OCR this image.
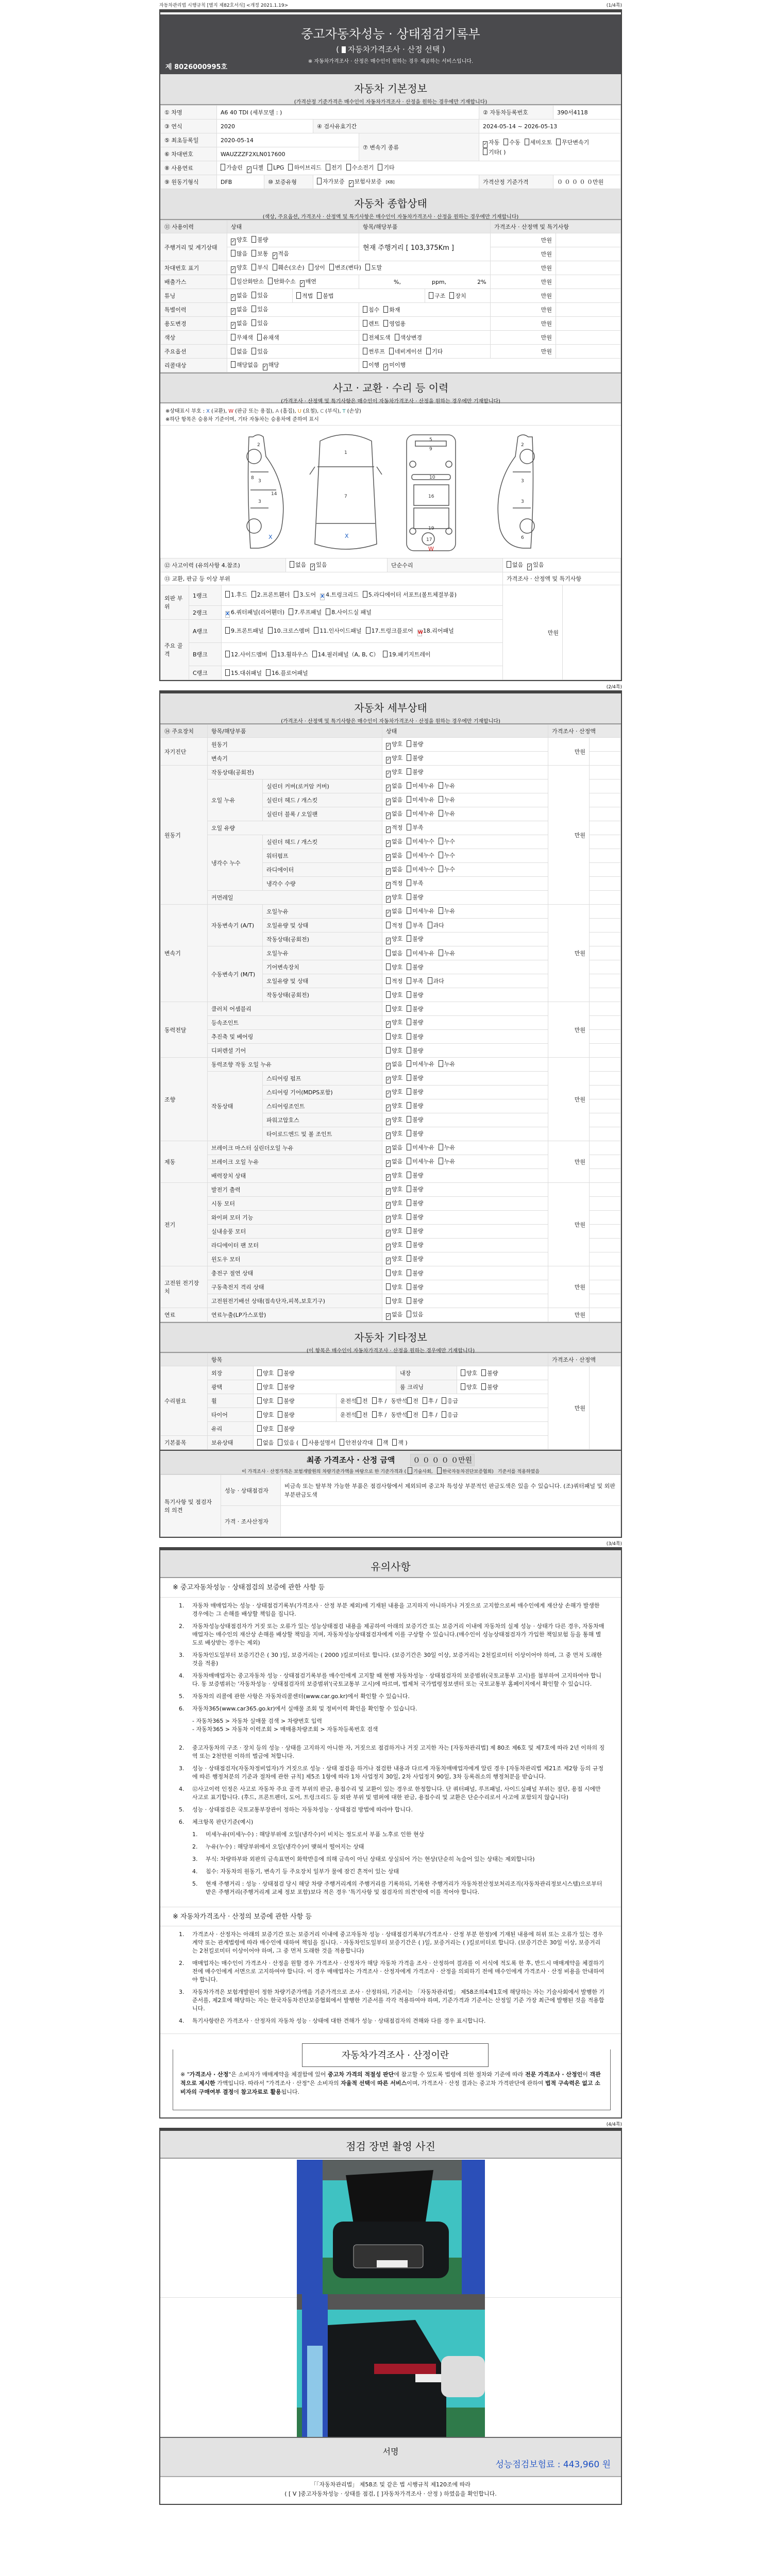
자동차관리법 시행규칙 [별지 제82호서식] <개정 2021.1.19>	(1/4쪽)
중고자동차성능 · 상태점검기록부
( 자동차가격조사 · 산정 선택 )
※ 자동차가격조사 · 산정은 매수인이 원하는 경우 제공하는 서비스입니다.
제 8026000995호
자동차 기본정보
(가격산정 기준가격은 매수인이 자동차가격조사 · 산정을 원하는 경우에만 기재합니다)
① 차명	A6 40 TDI (세부모델 : )				② 자동차등록번호	390서4118
③ 연식	2020		④ 검사유효기간		2024-05-14 ~ 2026-05-13	
⑤ 최초등록일	2020-05-14			⑦ 변속기 종류	✓ 자동 수동 세미오토 무단변속기기타( )	
⑥ 차대번호	WAUZZZF2XLN017600					
⑧ 사용연료	가솔린 ✓ 디젤 LPG 하이브리드 전기 수소전기 기타					
⑨ 원동기형식	DFB	⑩ 보증유형	자가보증 ✓ 보험사보증 [KB]		가격산정 기준가격	０ ０ ０ ０ ０만원
자동차 종합상태
(색상, 주요옵션, 가격조사 · 산정액 및 특기사항은 매수인이 자동차가격조사 · 산정을 원하는 경우에만 기재합니다)
⑪ 사용이력	상태		항목/해당부품		가격조사 · 산정액 및 특기사항	
주행거리 및 계기상태	✓ 양호 불량		현재 주행거리 [ 103,375Km ]		만원	
	많음 보통 ✓ 적음				만원	
차대번호 표기	✓ 양호 부식 훼손(오손) 상이 변조(변타) 도말				만원	
배출가스	일산화탄소 탄화수소 ✓ 매연		%, ppm, 2%		만원	
튜닝	✓ 없음 있음	적법 불법		구조 장치	만원	
특별이력	✓ 없음 있음		침수 화재		만원	
용도변경	✓ 없음 있음		렌트 영업용		만원	
색상	무채색 유채색		전체도색 색상변경		만원	
주요옵션	없음 있음		썬루프 네비게이션 기타		만원	
리콜대상	해당없음 ✓ 해당		이행 ✓ 미이행			
사고 · 교환 · 수리 등 이력
(가격조사 · 산정액 및 특기사항은 매수인이 자동차가격조사 · 산정을 원하는 경우에만 기재합니다)
※상태표시 부호 : X (교환), W (판금 또는 용접), A (흠집), U (요철), C (부식), T (손상)
※하단 항목은 승용차 기준이며, 기타 자동차는 승용차에 준하여 표시
2
3
3
8
14
X
1
7
X
5
9
10
16
17
19
W
2
3
3
6
⑫ 사고이력 (유의사항 4.참조)			없음 ✓ 있음	단순수리	없음 ✓ 있음	
⑬ 교환, 판금 등 이상 부위					가격조사 · 산정액 및 특기사항	
외판 부위	1랭크	1.후드 2.프론트휀더 3.도어 X 4.트렁크리드 5.라디에이터 서포트(볼트체결부품)			만원	
	2랭크	X 6.쿼터패널(리어휀더) 7.루프패널 8.사이드실 패널				
주요 골격	A랭크	9.프론트패널 10.크로스멤버 11.인사이드패널 17.트렁크플로어 W18.리어패널				
	B랭크	12.사이드멤버 13.휠하우스 14.필러패널（A, B, C） 19.패키지트레이				
	C랭크	15.대쉬패널 16.플로어패널				
(2/4쪽)
자동차 세부상태
(가격조사 · 산정액 및 특기사항은 매수인이 자동차가격조사 · 산정을 원하는 경우에만 기재합니다)
⑭ 주요장치	항목/해당부품		상태	가격조사 · 산정액	
자기진단	원동기		✓ 양호 불량	만원	
	변속기		✓ 양호 불량		
원동기	작동상태(공회전)		✓ 양호 불량	만원	
	오일 누유	실린더 커버(로커암 커버)	✓ 없음 미세누유 누유		
		실린더 헤드 / 개스킷	✓ 없음 미세누유 누유		
		실린더 블록 / 오일팬	✓ 없음 미세누유 누유		
	오일 유량		✓ 적정 부족		
	냉각수 누수	실린더 헤드 / 개스킷	✓ 없음 미세누수 누수		
		워터펌프	✓ 없음 미세누수 누수		
		라디에이터	✓ 없음 미세누수 누수		
		냉각수 수량	✓ 적정 부족		
	커먼레일		✓ 양호 불량		
변속기	자동변속기 (A/T)	오일누유	✓ 없음 미세누유 누유	만원	
		오일유량 및 상태	적정 부족 과다		
		작동상태(공회전)	✓ 양호 불량		
	수동변속기 (M/T)	오일누유	없음 미세누유 누유		
		기어변속장치	양호 불량		
		오일유량 및 상태	적정 부족 과다		
		작동상태(공회전)	양호 불량		
동력전달	클러치 어셈블리		양호 불량	만원	
	등속조인트		✓ 양호 불량		
	추진축 및 베어링		양호 불량		
	디퍼렌셜 기어		양호 불량		
조향	동력조향 작동 오일 누유		✓ 없음 미세누유 누유	만원	
	작동상태	스티어링 펌프	✓ 양호 불량		
		스티어링 기어(MDPS포함)	✓ 양호 불량		
		스티어링조인트	✓ 양호 불량		
		파워고압호스	✓ 양호 불량		
		타이로드엔드 및 볼 조인트	✓ 양호 불량		
제동	브레이크 마스터 실린더오일 누유		✓ 없음 미세누유 누유	만원	
	브레이크 오일 누유		✓ 없음 미세누유 누유		
	배력장치 상태		✓ 양호 불량		
전기	발전기 출력		✓ 양호 불량	만원	
	시동 모터		✓ 양호 불량		
	와이퍼 모터 기능		✓ 양호 불량		
	실내송풍 모터		✓ 양호 불량		
	라디에이터 팬 모터		✓ 양호 불량		
	윈도우 모터		✓ 양호 불량		
고전원 전기장치	충전구 절연 상태		양호 불량	만원	
	구동축전지 격리 상태		양호 불량		
	고전원전기배선 상태(접속단자,피복,보호기구)		양호 불량		
연료	연료누출(LP가스포함)		✓ 없음 있음	만원	
자동차 기타정보
(이 항목은 매수인이 자동차가격조사 · 산정을 원하는 경우에만 기재합니다)
	항목					가격조사 · 산정액	
수리필요	외장	양호 불량		내장	양호 불량	만원	
	광택	양호 불량		룸 크리닝	양호 불량		
	휠	양호 불량	운전석 전 후 / 동반석 전 후 / 응급				
	타이어	양호 불량	운전석 전 후 / 동반석 전 후 / 응급				
	유리	양호 불량					
기본품목	보유상태	없음 있음 ( 사용설명서 안전삼각대 잭 잭 )					
최종 가격조사 · 산정 금액	０ ０ ０ ０ ０만원
이 가격조사 · 산정가격은 보험개발원의 차량기준가액을 바탕으로 한 기준가격과 ( 기술사회, 한국자동차진단보증협회) 기준서를 적용하였음
특기사항 및 점검자의 의견	성능 · 상태점검자	비금속 또는 탈부착 가능한 부품은 점검사항에서 제외되며 중고차 특성상 부분적인 판금도색은 있을 수 있습니다. (조)쿼터패널 및 외판 부분판금도색
	가격 · 조사산정자	
(3/4쪽)
유의사항
※ 중고자동차성능 · 상태점검의 보증에 관한 사항 등
1.	자동차 매매업자는 성능 · 상태점검기록부(가격조사 · 산정 부분 제외)에 기재된 내용을 고지하지 아니하거나 거짓으로 고지함으로써 매수인에게 재산상 손해가 발생한 경우에는 그 손해를 배상할 책임을 집니다.
2.	자동차성능상태점검자가 거짓 또는 오류가 있는 성능상태점검 내용을 제공하여 아래의 보증기간 또는 보증거리 이내에 자동차의 실제 성능 · 상태가 다른 경우, 자동차매매업자는 매수인의 재산상 손해를 배상할 책임을 지며, 자동차성능상태점검자에게 이를 구상할 수 있습니다.(매수인이 성능상태점검자가 가입한 책임보험 등을 통해 별도로 배상받는 경우는 제외)
3.	자동차인도일부터 보증기간은 ( 30 )일, 보증거리는 ( 2000 )킬로미터로 합니다. (보증기간은 30일 이상, 보증거리는 2천킬로미터 이상이어야 하며, 그 중 먼저 도래한 것을 적용)
4.	자동차매매업자는 중고자동차 성능 · 상태점검기록부를 매수인에게 고지할 때 현행 자동차성능 · 상태점검자의 보증범위(국토교통부 고시)를 첨부하여 고지하여야 합니다. 동 보증범위는 '자동차성능 · 상태점검자의 보증범위'(국토교통부 고시)에 따르며, 법제처 국가법령정보센터 또는 국토교통부 홈페이지에서 확인할 수 있습니다.
5.	자동차의 리콜에 관한 사항은 자동차리콜센터(www.car.go.kr)에서 확인할 수 있습니다.
6.	자동차365(www.car365.go.kr)에서 실매물 조회 및 정비이력 확인을 확인할 수 있습니다.
- 자동차365 > 자동차 실매물 검색 > 차량번호 입력
- 자동차365 > 자동차 이력조회 > 매매용차량조회 > 자동차등록번호 검색
2.	중고자동차의 구조 · 장치 등의 성능 · 상태를 고지하지 아니한 자, 거짓으로 점검하거나 거짓 고지한 자는 [자동차관리법] 제 80조 제6호 및 제7호에 따라 2년 이하의 징역 또는 2천만원 이하의 벌금에 처합니다.
3.	성능 · 상태점검자(자동차정비업자)가 거짓으로 성능 · 상태 점검을 하거나 점검한 내용과 다르게 자동차매매업자에게 알린 경우 [자동차관리법 제21조 제2항 등의 규정에 따른 행정처분의 기준과 절차에 관한 규칙] 제5조 1항에 따라 1차 사업정지 30일, 2차 사업정지 90일, 3차 등록취소의 행정처분을 받습니다.
4.	⑫사고이력 인정은 사고로 자동차 주요 골격 부위의 판금, 용접수리 및 교환이 있는 경우로 한정합니다. 단 쿼터패널, 루프패널, 사이드실패널 부위는 절단, 용접 시에만 사고로 표기합니다. (후드, 프론트펜더, 도어, 트렁크리드 등 외판 부위 및 범퍼에 대한 판금, 용접수리 및 교환은 단순수리로서 사고에 포함되지 않습니다)
5.	성능 · 상태점검은 국토교통부장관이 정하는 자동차성능 · 상태점검 방법에 따라야 합니다.
6.	체크항목 판단기준(예시)
1.	미세누유(미세누수) : 해당부위에 오일(냉각수)이 비치는 정도로서 부품 노후로 인한 현상
2.	누유(누수) : 해당부위에서 오일(냉각수)이 맺혀서 떨어지는 상태
3.	부식: 차량하부와 외판의 금속표면이 화학반응에 의해 금속이 아닌 상태로 상실되어 가는 현상(단순히 녹슬어 있는 상태는 제외합니다)
4.	침수: 자동차의 원동기, 변속기 등 주요장치 일부가 물에 잠긴 흔적이 있는 상태
5.	현재 주행거리 : 성능 · 상태점검 당시 해당 차량 주행거리계의 주행거리를 기록하되, 기록한 주행거리가 자동차전산정보처리조직(자동차관리정보시스템)으로부터 받은 주행거리(주행거리계 교체 정보 포함)보다 적은 경우 '특기사항 및 점검자의 의견'란에 이를 적어야 합니다.
※ 자동차가격조사 · 산정의 보증에 관한 사항 등
1.	가격조사 · 산정자는 아래의 보증기간 또는 보증거리 이내에 중고자동차 성능 · 상태점검기록부(가격조사 · 산정 부분 한정)에 기재된 내용에 허위 또는 오류가 있는 경우 계약 또는 관계법령에 따라 매수인에 대하여 책임을 집니다. · 자동차인도일부터 보증기간은 ( )일, 보증거리는 ( )킬로미터로 합니다. (보증기간은 30일 이상, 보증거리는 2천킬로미터 이상이어야 하며, 그 중 먼저 도래한 것을 적용합니다)
2.	매매업자는 매수인이 가격조사 · 산정을 원할 경우 가격조사 · 산정자가 해당 자동차 가격을 조사 · 산정하여 결과를 이 서식에 적도록 한 후, 반드시 매매계약을 체결하기 전에 매수인에게 서면으로 고지하여야 합니다. 이 경우 매매업자는 가격조사 · 산정자에게 가격조사 · 산정을 의뢰하기 전에 매수인에게 가격조사 · 산정 비용을 안내하여야 합니다.
3.	자동차가격은 보험개발원이 정한 차량기준가액을 기준가격으로 조사 · 산정하되, 기준서는 「자동차관리법」 제58조의4제1호에 해당하는 자는 기술사회에서 발행한 기준서를, 제2호에 해당하는 자는 한국자동차진단보증협회에서 발행한 기준서를 각각 적용하여야 하며, 기준가격과 기준서는 산정일 기준 가장 최근에 발행된 것을 적용합니다.
4.	특기사항란은 가격조사 · 산정자의 자동차 성능 · 상태에 대한 견해가 성능 · 상태점검자의 견해와 다를 경우 표시합니다.
자동차가격조사 · 산정이란
※ "가격조사 · 산정"은 소비자가 매매계약을 체결함에 있어 중고차 가격의 적절성 판단에 참고할 수 있도록 법령에 의한 절차와 기준에 따라 전문 가격조사 · 산정인이 객관적으로 제시한 가액입니다. 따라서 "가격조사 · 산정"은 소비자의 자율적 선택에 따른 서비스이며, 가격조사 · 산정 결과는 중고차 가격판단에 관하여 법적 구속력은 없고 소비자의 구매여부 결정에 참고자료로 활용됩니다.
(4/4쪽)
점검 장면 촬영 사진
서명
성능점검보험료 : 443,960 원
「「자동차관리법」 제58조 및 같은 법 시행규칙 제120조에 따라
( [ V ]중고자동차성능 · 상태를 점검, [ ]자동차가격조사 · 산정 ) 하였음을 확인합니다.
